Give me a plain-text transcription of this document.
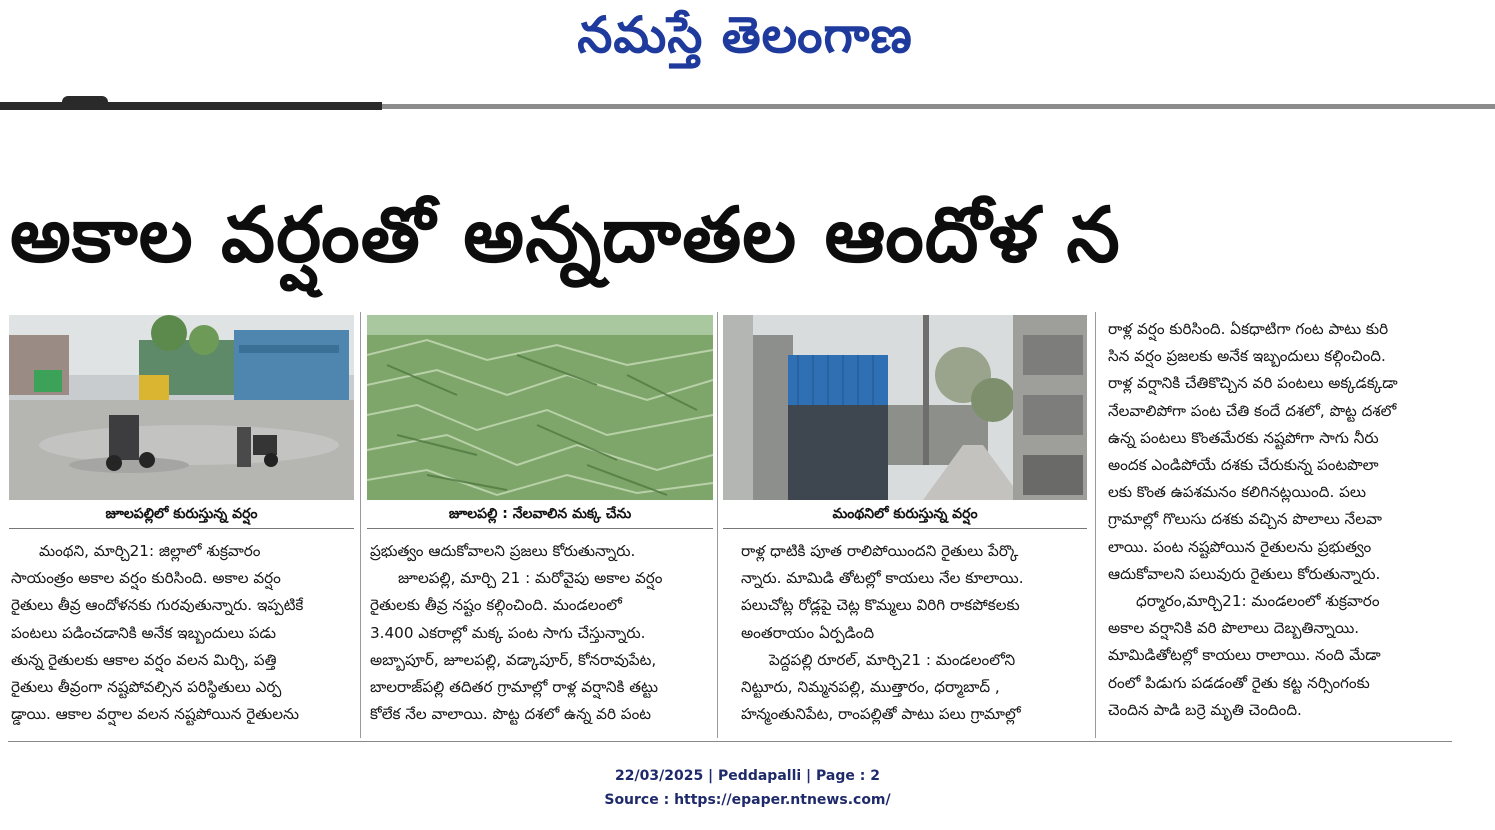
నమస్తే తెలంగాణ
అకాల వర్షంతో అన్నదాతల ఆందోళ న
జూలపల్లిలో కురుస్తున్న వర్షం	జూలపల్లి : నేలవాలిన మక్క చేను	మంథనిలో కురుస్తున్న వర్షం

మంథని, మార్చి21: జిల్లాలో శుక్రవారం

సాయంత్రం అకాల వర్షం కురిసింది. అకాల వర్షం

రైతులు తీవ్ర ఆందోళనకు గురవుతున్నారు. ఇప్పటికే

పంటలు పడించడానికి అనేక ఇబ్బందులు పడు

తున్న రైతులకు ఆకాల వర్షం వలన మిర్చి, పత్తి

రైతులు తీవ్రంగా నష్టపోవల్సిన పరిస్థితులు ఎర్ప

డ్డాయి. ఆకాల వర్షాల వలన నష్టపోయిన రైతులను

ప్రభుత్వం ఆదుకోవాలని ప్రజలు కోరుతున్నారు.

జూలపల్లి, మార్చి 21 : మరోవైపు అకాల వర్షం

రైతులకు తీవ్ర నష్టం కల్గించింది. మండలంలో

3.400 ఎకరాల్లో మక్క పంట సాగు చేస్తున్నారు.

అబ్బాపూర్, జూలపల్లి, వడ్కాపూర్, కోనరావుపేట,

బాలరాజ్‌పల్లి తదితర గ్రామాల్లో రాళ్ల వర్షానికి తట్టు

కోలేక నేల వాలాయి. పొట్ట దశలో ఉన్న వరి పంట

రాళ్ల ధాటికి పూత రాలిపోయిందని రైతులు పేర్కొ

న్నారు. మామిడి తోటల్లో కాయలు నేల కూలాయి.

పలుచోట్ల రోడ్లపై చెట్ల కొమ్మలు విరిగి రాకపోకలకు

అంతరాయం ఏర్పడింది

పెద్దపల్లి రూరల్, మార్చి21 : మండలంలోని

నిట్టూరు, నిమ్మనపల్లి, ముత్తారం, ధర్మాబాద్ ,

హన్మంతునిపేట, రాంపల్లితో పాటు పలు గ్రామాల్లో

రాళ్ల వర్షం కురిసింది. ఏకధాటిగా గంట పాటు కురి

సిన వర్షం ప్రజలకు అనేక ఇబ్బందులు కల్గించింది.

రాళ్ల వర్షానికి చేతికొచ్చిన వరి పంటలు అక్కడక్కడా

నేలవాలిపోగా పంట చేతి కందే దశలో, పొట్ట దశలో

ఉన్న పంటలు కొంతమేరకు నష్టపోగా సాగు నీరు

అందక ఎండిపోయే దశకు చేరుకున్న పంటపొలా

లకు కొంత ఉపశమనం కలిగినట్లయింది. పలు

గ్రామాల్లో గొలుసు దశకు వచ్చిన పొలాలు నేలవా

లాయి. పంట నష్టపోయిన రైతులను ప్రభుత్వం

ఆదుకోవాలని పలువురు రైతులు కోరుతున్నారు.

ధర్మారం,మార్చి21: మండలంలో శుక్రవారం

అకాల వర్షానికి వరి పొలాలు దెబ్బతిన్నాయి.

మామిడితోటల్లో కాయలు రాలాయి. నంది మేడా

రంలో పిడుగు పడడంతో రైతు కట్ట నర్సింగంకు

చెందిన పాడి బర్రె మృతి చెందింది.

22/03/2025 | Peddapalli | Page : 2
Source : https://epaper.ntnews.com/
